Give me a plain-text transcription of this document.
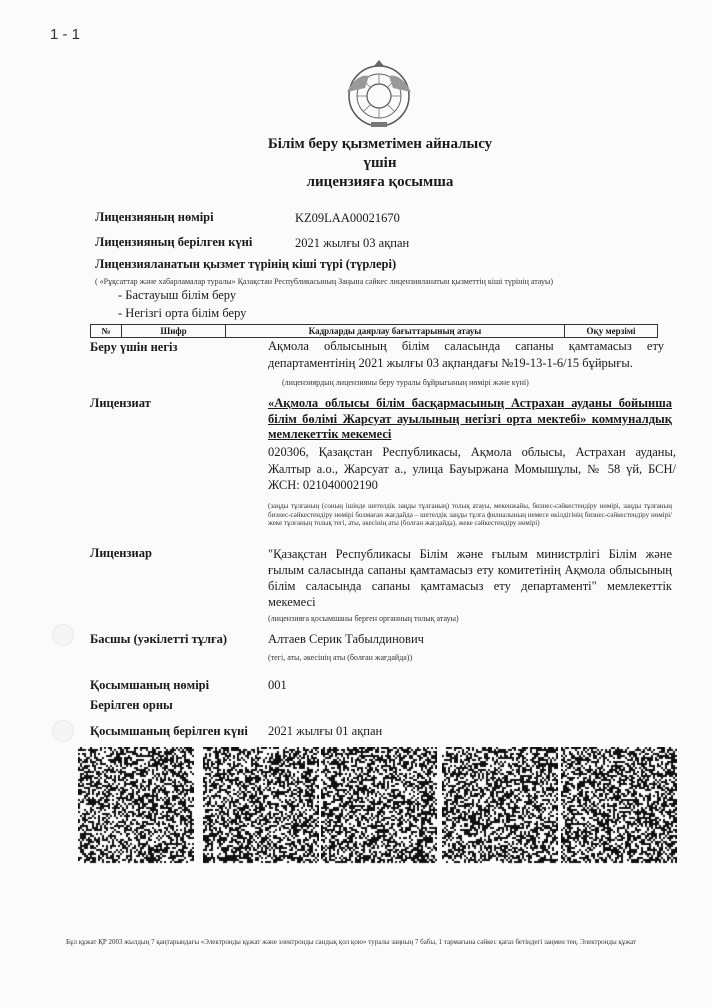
1 - 1
Білім беру қызметімен айналысу
үшін
лицензияға қосымша
Лицензияның нөмірі	KZ09LAA00021670
Лицензияның берілген күні	2021 жылғы 03 ақпан
Лицензияланатын қызмет түрінің кіші түрі (түрлері)
( «Рұқсаттар және хабарламалар туралы» Қазақстан Республикасының Заңына сәйкес лицензияланатын қызметтің кіші түрінің атауы)
- Бастауыш білім беру
- Негізгі орта білім беру
№	Шифр	Кадрларды даярлау бағыттарының атауы	Оқу мерзімі
Беру үшін негіз	Ақмола облысының білім саласында сапаны қамтамасыз ету департаментінің 2021 жылғы 03 ақпандағы №19-13-1-6/15 бұйрығы.
(лицензиярдың лицензияны беру туралы бұйрығының нөмірі және күні)
Лицензиат	«Ақмола облысы білім басқармасының Астрахан ауданы бойынша білім бөлімі Жарсуат ауылының негізгі орта мектебі» коммуналдық мемлекеттік мекемесі
020306, Қазақстан Республикасы, Ақмола облысы, Астрахан ауданы, Жалтыр а.о., Жарсуат а., улица Бауыржана Момышұлы, № 58 үй, БСН/ЖСН: 021040002190
(заңды тұлғаның (соның ішінде шетелдік заңды тұлғаның) толық атауы, мекенжайы, бизнес-сәйкестендіру нөмірі, заңды тұлғаның бизнес-сәйкестендіру нөмірі болмаған жағдайда – шетелдік заңды тұлға филиалының немесе өкілдігінің бизнес-сәйкестендіру нөмірі/жеке тұлғаның толық тегі, аты, әкесінің аты (болған жағдайда), жеке сәйкестендіру нөмірі)
Лицензиар	"Қазақстан Республикасы Білім және ғылым министрлігі Білім және ғылым саласында сапаны қамтамасыз ету комитетінің Ақмола облысының білім саласында сапаны қамтамасыз ету департаменті" мемлекеттік мекемесі
(лицензияға қосымшаны берген органның толық атауы)
Басшы (уәкілетті тұлға)	Алтаев Серик Табылдинович
(тегі, аты, әкесінің аты (болған жағдайда))
Қосымшаның нөмірі	001
Берілген орны
Қосымшаның берілген күні 2021 жылғы 01 ақпан
Бұл құжат ҚР 2003 жылдың 7 қаңтарындағы «Электронды құжат және электронды сандық қол қою» туралы заңның 7 бабы, 1 тармағына сәйкес қағаз бетіндегі заңмен тең. Электронды құжат
